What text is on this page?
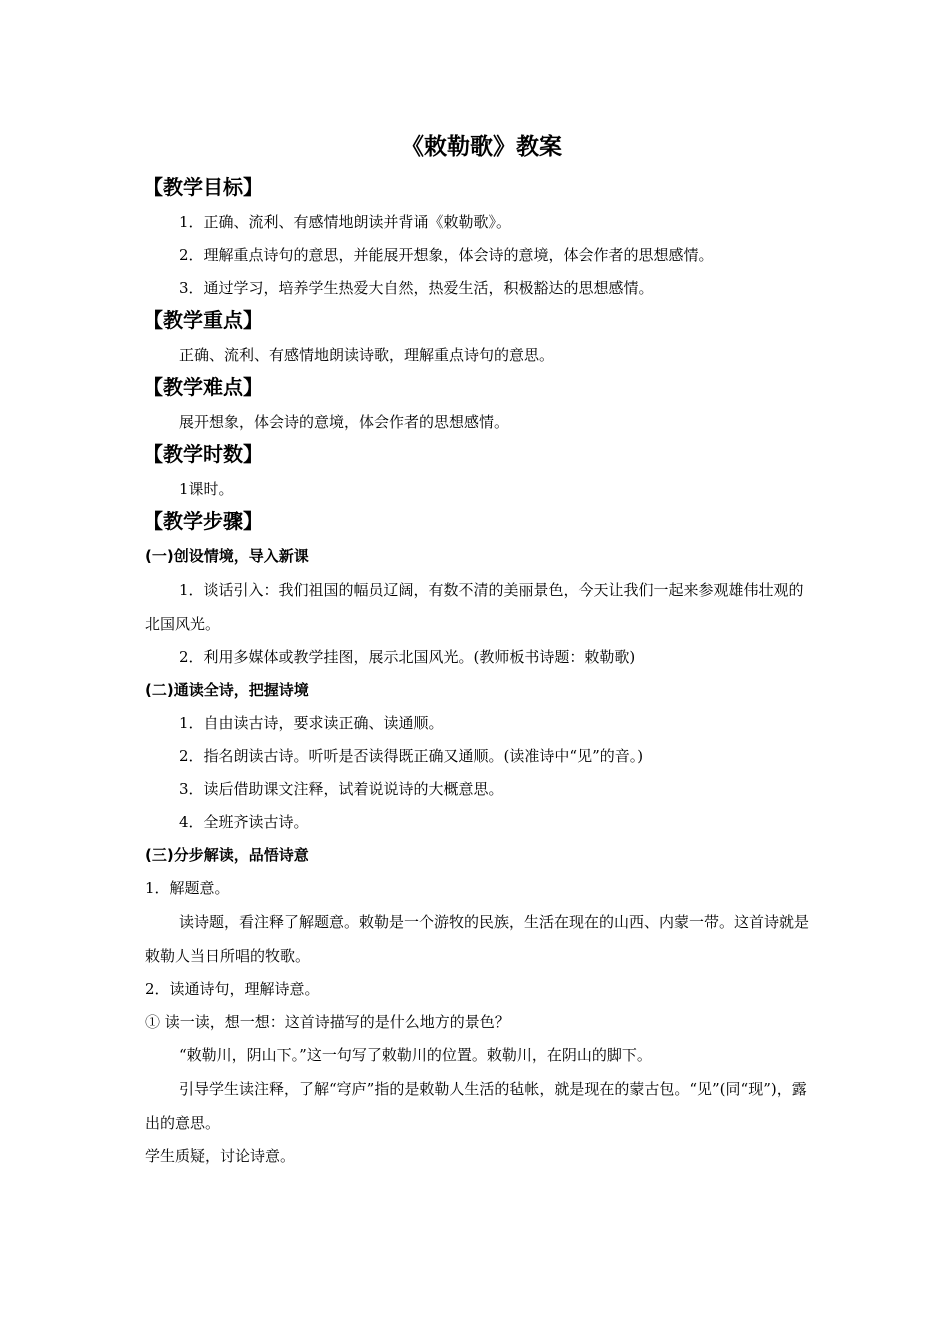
《敕勒歌》教案
【教学目标】
1．正确、流利、有感情地朗读并背诵《敕勒歌》。
2．理解重点诗句的意思，并能展开想象，体会诗的意境，体会作者的思想感情。
3．通过学习，培养学生热爱大自然，热爱生活，积极豁达的思想感情。
【教学重点】
正确、流利、有感情地朗读诗歌，理解重点诗句的意思。
【教学难点】
展开想象，体会诗的意境，体会作者的思想感情。
【教学时数】
1课时。
【教学步骤】
(一)创设情境，导入新课
1．谈话引入：我们祖国的幅员辽阔，有数不清的美丽景色，今天让我们一起来参观雄伟壮观的北国风光。
2．利用多媒体或教学挂图，展示北国风光。(教师板书诗题：敕勒歌)
(二)通读全诗，把握诗境
1．自由读古诗，要求读正确、读通顺。
2．指名朗读古诗。听听是否读得既正确又通顺。(读准诗中“见”的音。)
3．读后借助课文注释，试着说说诗的大概意思。
4．全班齐读古诗。
(三)分步解读，品悟诗意
1．解题意。
读诗题，看注释了解题意。敕勒是一个游牧的民族，生活在现在的山西、内蒙一带。这首诗就是敕勒人当日所唱的牧歌。
2．读通诗句，理解诗意。
① 读一读，想一想：这首诗描写的是什么地方的景色？
“敕勒川，阴山下。”这一句写了敕勒川的位置。敕勒川，在阴山的脚下。
引导学生读注释，了解“穹庐”指的是敕勒人生活的毡帐，就是现在的蒙古包。“见”(同“现”)，露出的意思。
学生质疑，讨论诗意。
